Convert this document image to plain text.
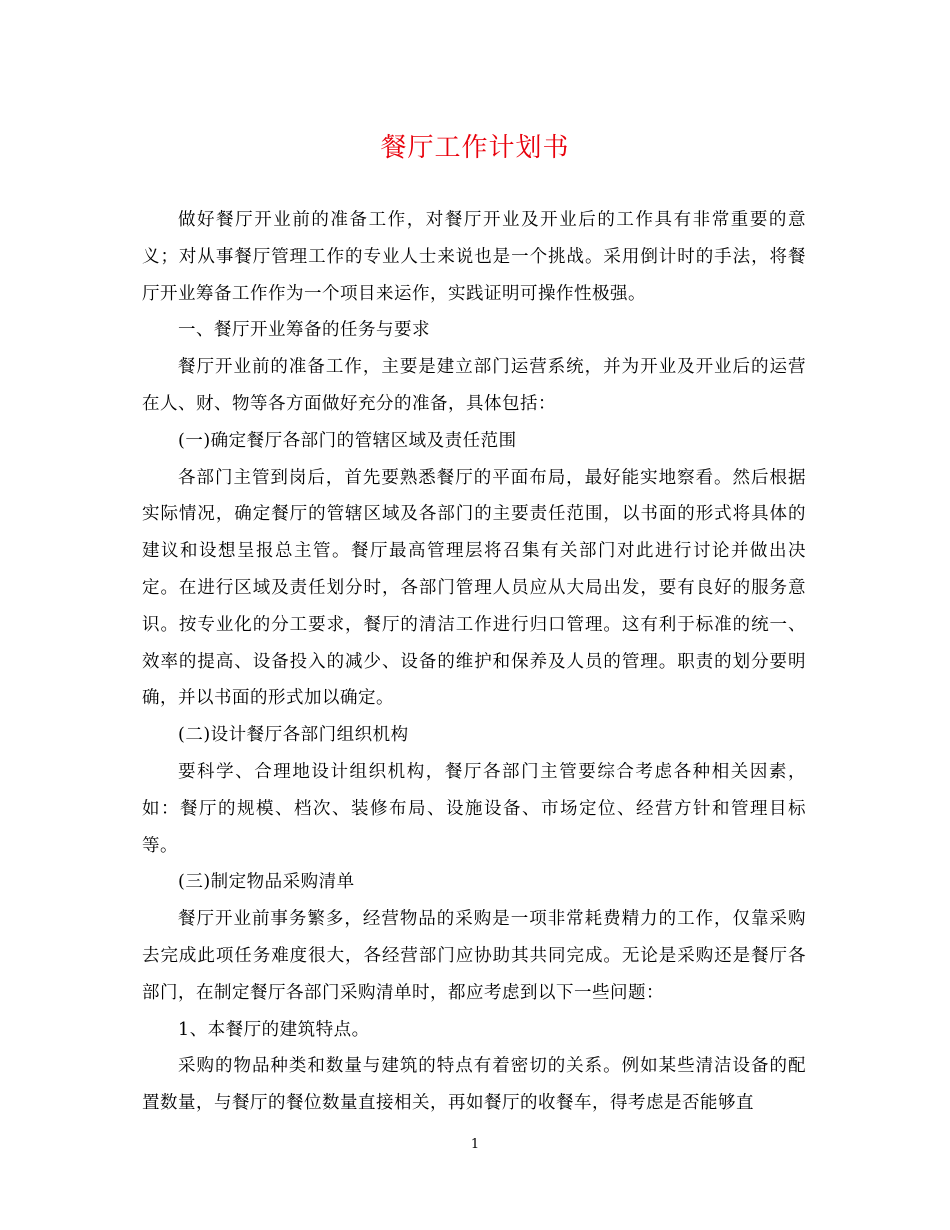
餐厅工作计划书

做好餐厅开业前的准备工作，对餐厅开业及开业后的工作具有非常重要的意义；对从事餐厅管理工作的专业人士来说也是一个挑战。采用倒计时的手法，将餐厅开业筹备工作作为一个项目来运作，实践证明可操作性极强。

一、餐厅开业筹备的任务与要求

餐厅开业前的准备工作，主要是建立部门运营系统，并为开业及开业后的运营在人、财、物等各方面做好充分的准备，具体包括：

(一)确定餐厅各部门的管辖区域及责任范围

各部门主管到岗后，首先要熟悉餐厅的平面布局，最好能实地察看。然后根据实际情况，确定餐厅的管辖区域及各部门的主要责任范围，以书面的形式将具体的建议和设想呈报总主管。餐厅最高管理层将召集有关部门对此进行讨论并做出决定。在进行区域及责任划分时，各部门管理人员应从大局出发，要有良好的服务意识。按专业化的分工要求，餐厅的清洁工作进行归口管理。这有利于标准的统一、效率的提高、设备投入的减少、设备的维护和保养及人员的管理。职责的划分要明确，并以书面的形式加以确定。

(二)设计餐厅各部门组织机构

要科学、合理地设计组织机构，餐厅各部门主管要综合考虑各种相关因素，如：餐厅的规模、档次、装修布局、设施设备、市场定位、经营方针和管理目标等。

(三)制定物品采购清单

餐厅开业前事务繁多，经营物品的采购是一项非常耗费精力的工作，仅靠采购去完成此项任务难度很大，各经营部门应协助其共同完成。无论是采购还是餐厅各部门，在制定餐厅各部门采购清单时，都应考虑到以下一些问题：

1、本餐厅的建筑特点。

采购的物品种类和数量与建筑的特点有着密切的关系。例如某些清洁设备的配置数量，与餐厅的餐位数量直接相关，再如餐厅的收餐车，得考虑是否能够直

1
